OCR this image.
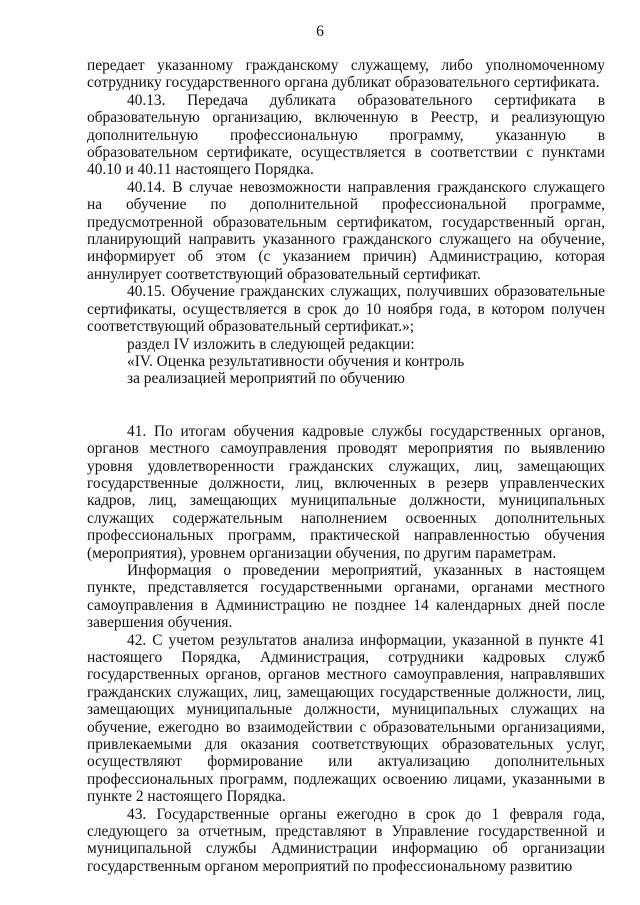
6

передает указанному гражданскому служащему, либо уполномоченному сотруднику государственного органа дубликат образовательного сертификата.

40.13. Передача дубликата образовательного сертификата в образовательную организацию, включенную в Реестр, и реализующую дополнительную профессиональную программу, указанную в образовательном сертификате, осуществляется в соответствии с пунктами 40.10 и 40.11 настоящего Порядка.

40.14. В случае невозможности направления гражданского служащего на обучение по дополнительной профессиональной программе, предусмотренной образовательным сертификатом, государственный орган, планирующий направить указанного гражданского служащего на обучение, информирует об этом (с указанием причин) Администрацию, которая аннулирует соответствующий образовательный сертификат.

40.15. Обучение гражданских служащих, получивших образовательные сертификаты, осуществляется в срок до 10 ноября года, в котором получен соответствующий образовательный сертификат.»;

раздел IV изложить в следующей редакции:

«IV. Оценка результативности обучения и контроль

за реализацией мероприятий по обучению

41. По итогам обучения кадровые службы государственных органов, органов местного самоуправления проводят мероприятия по выявлению уровня удовлетворенности гражданских служащих, лиц, замещающих государственные должности, лиц, включенных в резерв управленческих кадров, лиц, замещающих муниципальные должности, муниципальных служащих содержательным наполнением освоенных дополнительных профессиональных программ, практической направленностью обучения (мероприятия), уровнем организации обучения, по другим параметрам.

Информация о проведении мероприятий, указанных в настоящем пункте, представляется государственными органами, органами местного самоуправления в Администрацию не позднее 14 календарных дней после завершения обучения.

42. С учетом результатов анализа информации, указанной в пункте 41 настоящего Порядка, Администрация, сотрудники кадровых служб государственных органов, органов местного самоуправления, направлявших гражданских служащих, лиц, замещающих государственные должности, лиц, замещающих муниципальные должности, муниципальных служащих на обучение, ежегодно во взаимодействии с образовательными организациями, привлекаемыми для оказания соответствующих образовательных услуг, осуществляют формирование или актуализацию дополнительных профессиональных программ, подлежащих освоению лицами, указанными в пункте 2 настоящего Порядка.

43. Государственные органы ежегодно в срок до 1 февраля года, следующего за отчетным, представляют в Управление государственной и муниципальной службы Администрации информацию об организации государственным органом мероприятий по профессиональному развитию
